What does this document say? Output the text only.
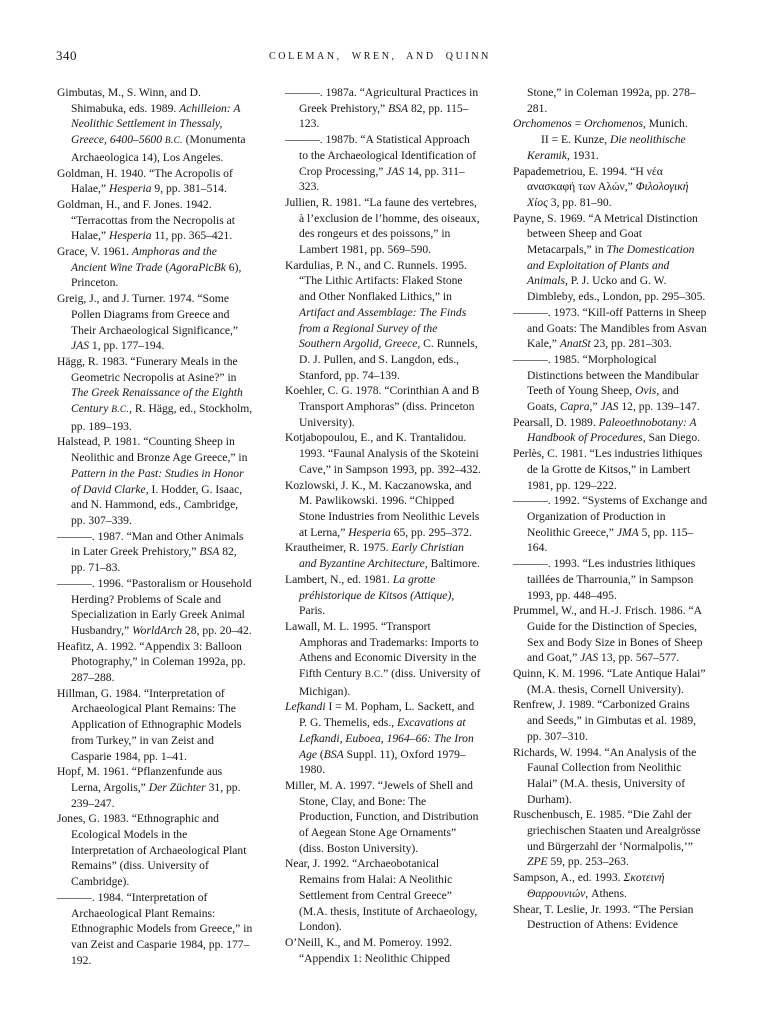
340	COLEMAN, WREN, AND QUINN

Gimbutas, M., S. Winn, and D. Shimabuka, eds. 1989. Achilleion: A Neolithic Settlement in Thessaly, Greece, 6400–5600 B.C. (Monumenta Archaeologica 14), Los Angeles.

Goldman, H. 1940. “The Acropolis of Halae,” Hesperia 9, pp. 381–514.

Goldman, H., and F. Jones. 1942. “Terracottas from the Necropolis at Halae,” Hesperia 11, pp. 365–421.

Grace, V. 1961. Amphoras and the Ancient Wine Trade (AgoraPicBk 6), Princeton.

Greig, J., and J. Turner. 1974. “Some Pollen Diagrams from Greece and Their Archaeological Significance,” JAS 1, pp. 177–194.

Hägg, R. 1983. “Funerary Meals in the Geometric Necropolis at Asine?” in The Greek Renaissance of the Eighth Century B.C., R. Hägg, ed., Stockholm, pp. 189–193.

Halstead, P. 1981. “Counting Sheep in Neolithic and Bronze Age Greece,” in Pattern in the Past: Studies in Honor of David Clarke, I. Hodder, G. Isaac, and N. Hammond, eds., Cambridge, pp. 307–339.

———. 1987. “Man and Other Animals in Later Greek Prehistory,” BSA 82, pp. 71–83.

———. 1996. “Pastoralism or Household Herding? Problems of Scale and Specialization in Early Greek Animal Husbandry,” WorldArch 28, pp. 20–42.

Heafitz, A. 1992. “Appendix 3: Balloon Photography,” in Coleman 1992a, pp. 287–288.

Hillman, G. 1984. “Interpretation of Archaeological Plant Remains: The Application of Ethnographic Models from Turkey,” in van Zeist and Casparie 1984, pp. 1–41.

Hopf, M. 1961. “Pflanzenfunde aus Lerna, Argolis,” Der Züchter 31, pp. 239–247.

Jones, G. 1983. “Ethnographic and Ecological Models in the Interpretation of Archaeological Plant Remains” (diss. University of Cambridge).

———. 1984. “Interpretation of Archaeological Plant Remains: Ethnographic Models from Greece,” in van Zeist and Casparie 1984, pp. 177–192.

———. 1987a. “Agricultural Practices in Greek Prehistory,” BSA 82, pp. 115–123.

———. 1987b. “A Statistical Approach to the Archaeological Identification of Crop Processing,” JAS 14, pp. 311–323.

Jullien, R. 1981. “La faune des vertebres, à l’exclusion de l’homme, des oiseaux, des rongeurs et des poissons,” in Lambert 1981, pp. 569–590.

Kardulias, P. N., and C. Runnels. 1995. “The Lithic Artifacts: Flaked Stone and Other Nonflaked Lithics,” in Artifact and Assemblage: The Finds from a Regional Survey of the Southern Argolid, Greece, C. Runnels, D. J. Pullen, and S. Langdon, eds., Stanford, pp. 74–139.

Koehler, C. G. 1978. “Corinthian A and B Transport Amphoras” (diss. Princeton University).

Kotjabopoulou, E., and K. Trantalidou. 1993. “Faunal Analysis of the Skoteini Cave,” in Sampson 1993, pp. 392–432.

Kozlowski, J. K., M. Kaczanowska, and M. Pawlikowski. 1996. “Chipped Stone Industries from Neolithic Levels at Lerna,” Hesperia 65, pp. 295–372.

Krautheimer, R. 1975. Early Christian and Byzantine Architecture, Baltimore.

Lambert, N., ed. 1981. La grotte préhistorique de Kitsos (Attique), Paris.

Lawall, M. L. 1995. “Transport Amphoras and Trademarks: Imports to Athens and Economic Diversity in the Fifth Century B.C.” (diss. University of Michigan).

Lefkandi I = M. Popham, L. Sackett, and P. G. Themelis, eds., Excavations at Lefkandi, Euboea, 1964–66: The Iron Age (BSA Suppl. 11), Oxford 1979–1980.

Miller, M. A. 1997. “Jewels of Shell and Stone, Clay, and Bone: The Production, Function, and Distribution of Aegean Stone Age Ornaments” (diss. Boston University).

Near, J. 1992. “Archaeobotanical Remains from Halai: A Neolithic Settlement from Central Greece” (M.A. thesis, Institute of Archaeology, London).

O’Neill, K., and M. Pomeroy. 1992. “Appendix 1: Neolithic Chipped

Stone,” in Coleman 1992a, pp. 278–281.

Orchomenos = Orchomenos, Munich.
II = E. Kunze, Die neolithische Keramik, 1931.

Papademetriou, E. 1994. “Η νέα ανασκαφή των Αλών,” Φιλολογική Χίος 3, pp. 81–90.

Payne, S. 1969. “A Metrical Distinction between Sheep and Goat Metacarpals,” in The Domestication and Exploitation of Plants and Animals, P. J. Ucko and G. W. Dimbleby, eds., London, pp. 295–305.

———. 1973. “Kill-off Patterns in Sheep and Goats: The Mandibles from Asvan Kale,” AnatSt 23, pp. 281–303.

———. 1985. “Morphological Distinctions between the Mandibular Teeth of Young Sheep, Ovis, and Goats, Capra,” JAS 12, pp. 139–147.

Pearsall, D. 1989. Paleoethnobotany: A Handbook of Procedures, San Diego.

Perlès, C. 1981. “Les industries lithiques de la Grotte de Kitsos,” in Lambert 1981, pp. 129–222.

———. 1992. “Systems of Exchange and Organization of Production in Neolithic Greece,” JMA 5, pp. 115–164.

———. 1993. “Les industries lithiques taillées de Tharrounia,” in Sampson 1993, pp. 448–495.

Prummel, W., and H.-J. Frisch. 1986. “A Guide for the Distinction of Species, Sex and Body Size in Bones of Sheep and Goat,” JAS 13, pp. 567–577.

Quinn, K. M. 1996. “Late Antique Halai” (M.A. thesis, Cornell University).

Renfrew, J. 1989. “Carbonized Grains and Seeds,” in Gimbutas et al. 1989, pp. 307–310.

Richards, W. 1994. “An Analysis of the Faunal Collection from Neolithic Halai” (M.A. thesis, University of Durham).

Ruschenbusch, E. 1985. “Die Zahl der griechischen Staaten und Arealgrösse und Bürgerzahl der ‘Normalpolis,’” ZPE 59, pp. 253–263.

Sampson, A., ed. 1993. Σκοτεινή Θαρρουνιών, Athens.

Shear, T. Leslie, Jr. 1993. “The Persian Destruction of Athens: Evidence
